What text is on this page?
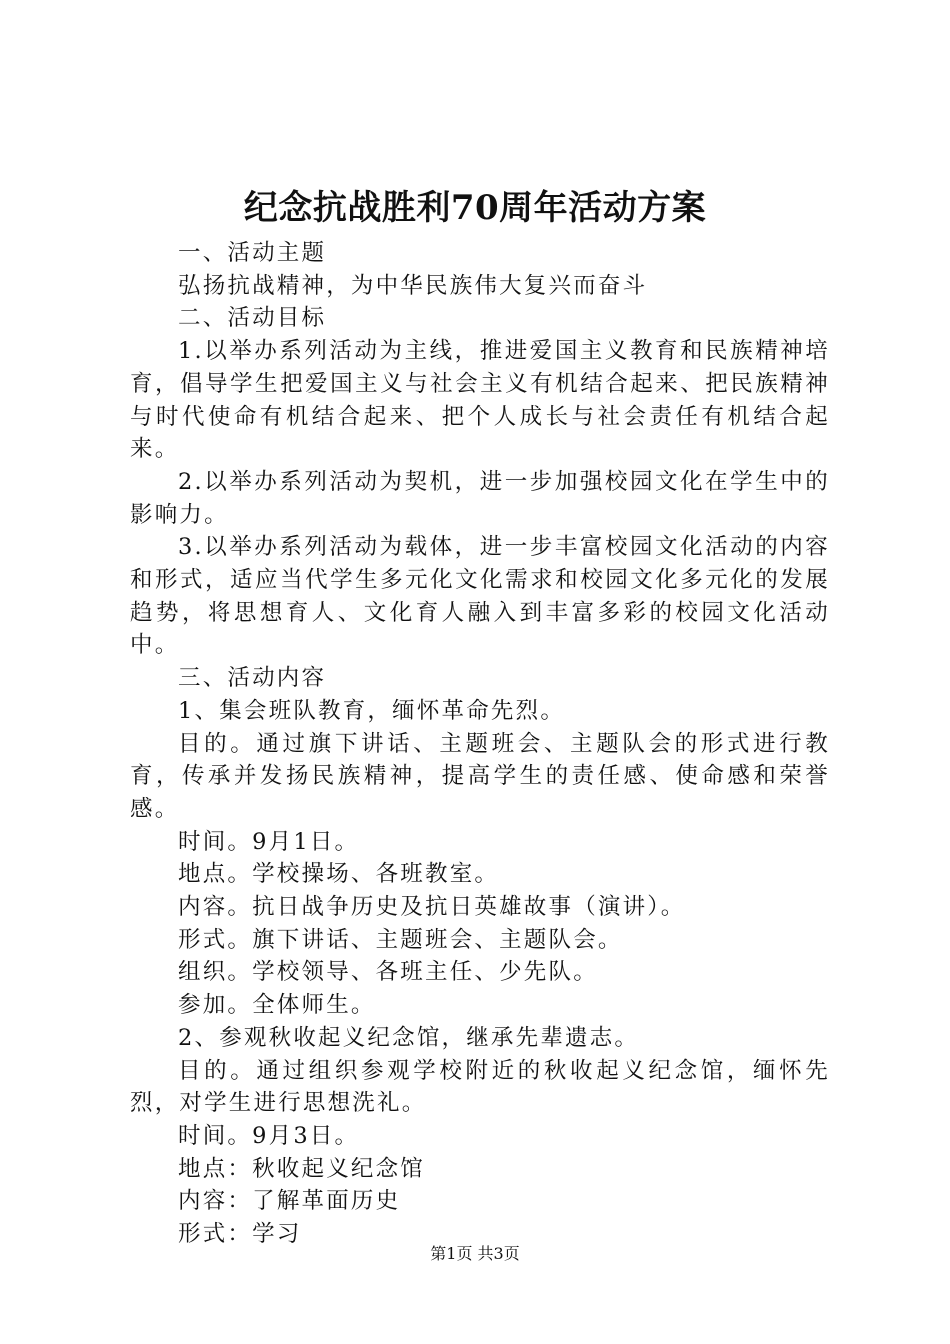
纪念抗战胜利70周年活动方案

一、活动主题

弘扬抗战精神，为中华民族伟大复兴而奋斗

二、活动目标

1.以举办系列活动为主线，推进爱国主义教育和民族精神培育，倡导学生把爱国主义与社会主义有机结合起来、把民族精神与时代使命有机结合起来、把个人成长与社会责任有机结合起来。

2.以举办系列活动为契机，进一步加强校园文化在学生中的影响力。

3.以举办系列活动为载体，进一步丰富校园文化活动的内容和形式，适应当代学生多元化文化需求和校园文化多元化的发展趋势，将思想育人、文化育人融入到丰富多彩的校园文化活动中。

三、活动内容

1、集会班队教育，缅怀革命先烈。

目的。通过旗下讲话、主题班会、主题队会的形式进行教育，传承并发扬民族精神，提高学生的责任感、使命感和荣誉感。

时间。9月1日。

地点。学校操场、各班教室。

内容。抗日战争历史及抗日英雄故事（演讲）。

形式。旗下讲话、主题班会、主题队会。

组织。学校领导、各班主任、少先队。

参加。全体师生。

2、参观秋收起义纪念馆，继承先辈遗志。

目的。通过组织参观学校附近的秋收起义纪念馆，缅怀先烈，对学生进行思想洗礼。

时间。9月3日。

地点：秋收起义纪念馆

内容：了解革面历史

形式：学习

第1页 共3页
